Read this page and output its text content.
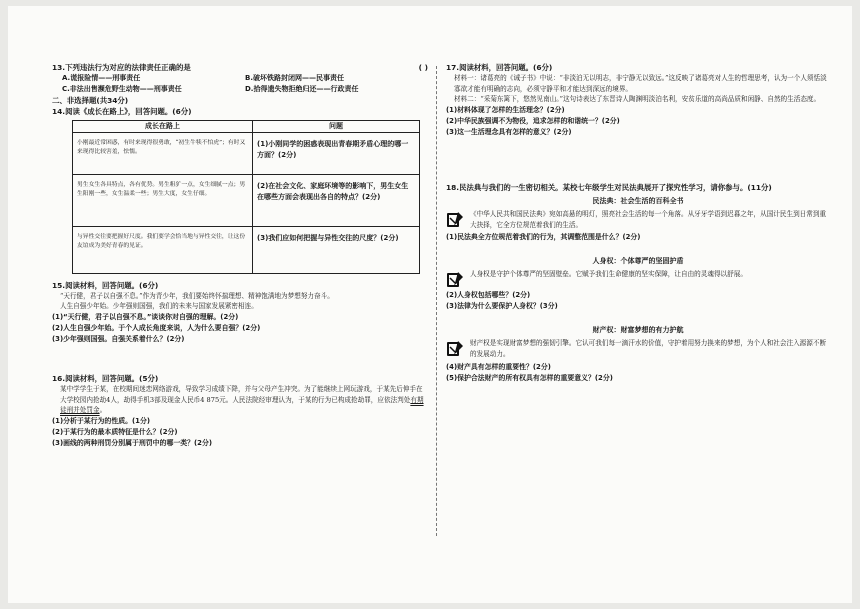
( )
13.下列违法行为对应的法律责任正确的是
A.谎报险情——刑事责任	B.破坏铁路封闭网——民事责任
C.非法出售濒危野生动物——刑事责任	D.拾得遗失物拒绝归还——行政责任
二、非选择题(共34分)
14.阅读《成长在路上》，回答问题。(6分)
成长在路上	问题
小刚最近常困惑，有时来现得很勇敢，“初生牛犊不怕虎”；有时又来现得比较害羞，怯懦。	(1)小刚同学的困惑表现出青春期矛盾心理的哪一方面？(2分)
男生女生各具特点，各有优势。男生粗犷一点，女生细腻一点；男生阳刚一些，女生温柔一些；男生大度，女生仔细。	(2)在社会文化、家庭环境等的影响下，男生女生在哪些方面会表现出各自的特点？(2分)
与异性交往要把握好尺度。我们要学会恰当地与异性交往，让这份友谊成为美好青春的见证。	(3)我们应如何把握与异性交往的尺度？(2分)
15.阅读材料，回答问题。(6分)
“天行健，君子以自强不息。”作为青少年，我们要始终怀揣理想、精神饱满地为梦想努力奋斗。
人生自强少年始。少年强则国强，我们的未来与国家发展紧密相连。
(1)“天行健，君子以自强不息。”谈谈你对自强的理解。(2分)
(2)人生自强少年始。于个人成长角度来说，人为什么要自强？(2分)
(3)少年强则国强。自强关系着什么？(2分)
16.阅读材料，回答问题。(5分)
某中学学生于某，在校期间迷恋网络游戏，导致学习成绩下降，并与父母产生冲突。为了能继续上网玩游戏，于某先后伸手在大学校园内抢劫4人，劫得手机3部及现金人民币4 875元。人民法院经审理认为，于某的行为已构成抢劫罪，应依法判处有期徒刑并处罚金。
(1)分析于某行为的性质。(1分)
(2)于某行为的最本质特征是什么？(2分)
(3)画线的两种刑罚分别属于刑罚中的哪一类？(2分)
17.阅读材料，回答问题。(6分)
材料一：诸葛亮的《诫子书》中说：“非淡泊无以明志，非宁静无以致远。”这反映了诸葛亮对人生的哲理思考，认为一个人须恬淡寡欲才能有明确的志向，必须守静平和才能达到深远的境界。
材料二：“采菊东篱下，悠然见南山。”这句诗表达了东晋诗人陶渊明淡泊名利，安贫乐道的高尚品质和闲静、自然的生活态度。
(1)材料体现了怎样的生活理念？(2分)
(2)中华民族强调不为物役，追求怎样的和谐统一？(2分)
(3)这一生活理念具有怎样的意义？(2分)
18.民法典与我们的一生密切相关。某校七年级学生对民法典展开了探究性学习，请你参与。(11分)
民法典：社会生活的百科全书
《中华人民共和国民法典》宛如高悬的明灯，照亮社会生活的每一个角落。从牙牙学语到迟暮之年，从国计民生到日常到重大抉择，它全方位规范着我们的生活。
(1)民法典全方位规范着我们的行为，其调整范围是什么？(2分)
人身权：个体尊严的坚固护盾
人身权是守护个体尊严的坚固壁垒。它赋予我们生命健康的坚实保障，让自由的灵魂得以舒展。
(2)人身权包括哪些？(2分)
(3)法律为什么要保护人身权？(3分)
财产权：财富梦想的有力护航
财产权是实现财富梦想的强韧引擎。它认可我们每一滴汗水的价值，守护着用努力换来的梦想，为个人和社会注入源源不断的发展动力。
(4)财产具有怎样的重要性？(2分)
(5)保护合法财产的所有权具有怎样的重要意义？(2分)
